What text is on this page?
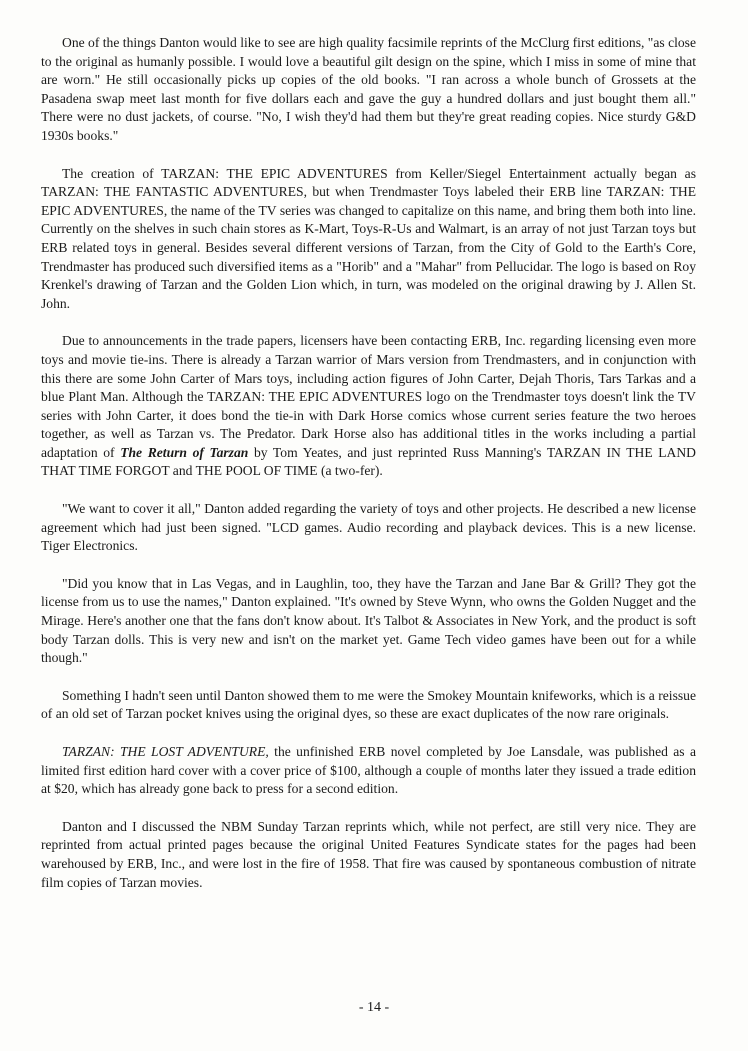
One of the things Danton would like to see are high quality facsimile reprints of the McClurg first editions, "as close to the original as humanly possible. I would love a beautiful gilt design on the spine, which I miss in some of mine that are worn." He still occasionally picks up copies of the old books. "I ran across a whole bunch of Grossets at the Pasadena swap meet last month for five dollars each and gave the guy a hundred dollars and just bought them all." There were no dust jackets, of course. "No, I wish they'd had them but they're great reading copies. Nice sturdy G&D 1930s books."

The creation of TARZAN: THE EPIC ADVENTURES from Keller/Siegel Entertainment actually began as TARZAN: THE FANTASTIC ADVENTURES, but when Trendmaster Toys labeled their ERB line TARZAN: THE EPIC ADVENTURES, the name of the TV series was changed to capitalize on this name, and bring them both into line. Currently on the shelves in such chain stores as K-Mart, Toys-R-Us and Walmart, is an array of not just Tarzan toys but ERB related toys in general. Besides several different versions of Tarzan, from the City of Gold to the Earth's Core, Trendmaster has produced such diversified items as a "Horib" and a "Mahar" from Pellucidar. The logo is based on Roy Krenkel's drawing of Tarzan and the Golden Lion which, in turn, was modeled on the original drawing by J. Allen St. John.

Due to announcements in the trade papers, licensers have been contacting ERB, Inc. regarding licensing even more toys and movie tie-ins. There is already a Tarzan warrior of Mars version from Trendmasters, and in conjunction with this there are some John Carter of Mars toys, including action figures of John Carter, Dejah Thoris, Tars Tarkas and a blue Plant Man. Although the TARZAN: THE EPIC ADVENTURES logo on the Trendmaster toys doesn't link the TV series with John Carter, it does bond the tie-in with Dark Horse comics whose current series feature the two heroes together, as well as Tarzan vs. The Predator. Dark Horse also has additional titles in the works including a partial adaptation of The Return of Tarzan by Tom Yeates, and just reprinted Russ Manning's TARZAN IN THE LAND THAT TIME FORGOT and THE POOL OF TIME (a two-fer).

"We want to cover it all," Danton added regarding the variety of toys and other projects. He described a new license agreement which had just been signed. "LCD games. Audio recording and playback devices. This is a new license. Tiger Electronics.

"Did you know that in Las Vegas, and in Laughlin, too, they have the Tarzan and Jane Bar & Grill? They got the license from us to use the names," Danton explained. "It's owned by Steve Wynn, who owns the Golden Nugget and the Mirage. Here's another one that the fans don't know about. It's Talbot & Associates in New York, and the product is soft body Tarzan dolls. This is very new and isn't on the market yet. Game Tech video games have been out for a while though."

Something I hadn't seen until Danton showed them to me were the Smokey Mountain knifeworks, which is a reissue of an old set of Tarzan pocket knives using the original dyes, so these are exact duplicates of the now rare originals.

TARZAN: THE LOST ADVENTURE, the unfinished ERB novel completed by Joe Lansdale, was published as a limited first edition hard cover with a cover price of $100, although a couple of months later they issued a trade edition at $20, which has already gone back to press for a second edition.

Danton and I discussed the NBM Sunday Tarzan reprints which, while not perfect, are still very nice. They are reprinted from actual printed pages because the original United Features Syndicate states for the pages had been warehoused by ERB, Inc., and were lost in the fire of 1958. That fire was caused by spontaneous combustion of nitrate film copies of Tarzan movies.

- 14 -
